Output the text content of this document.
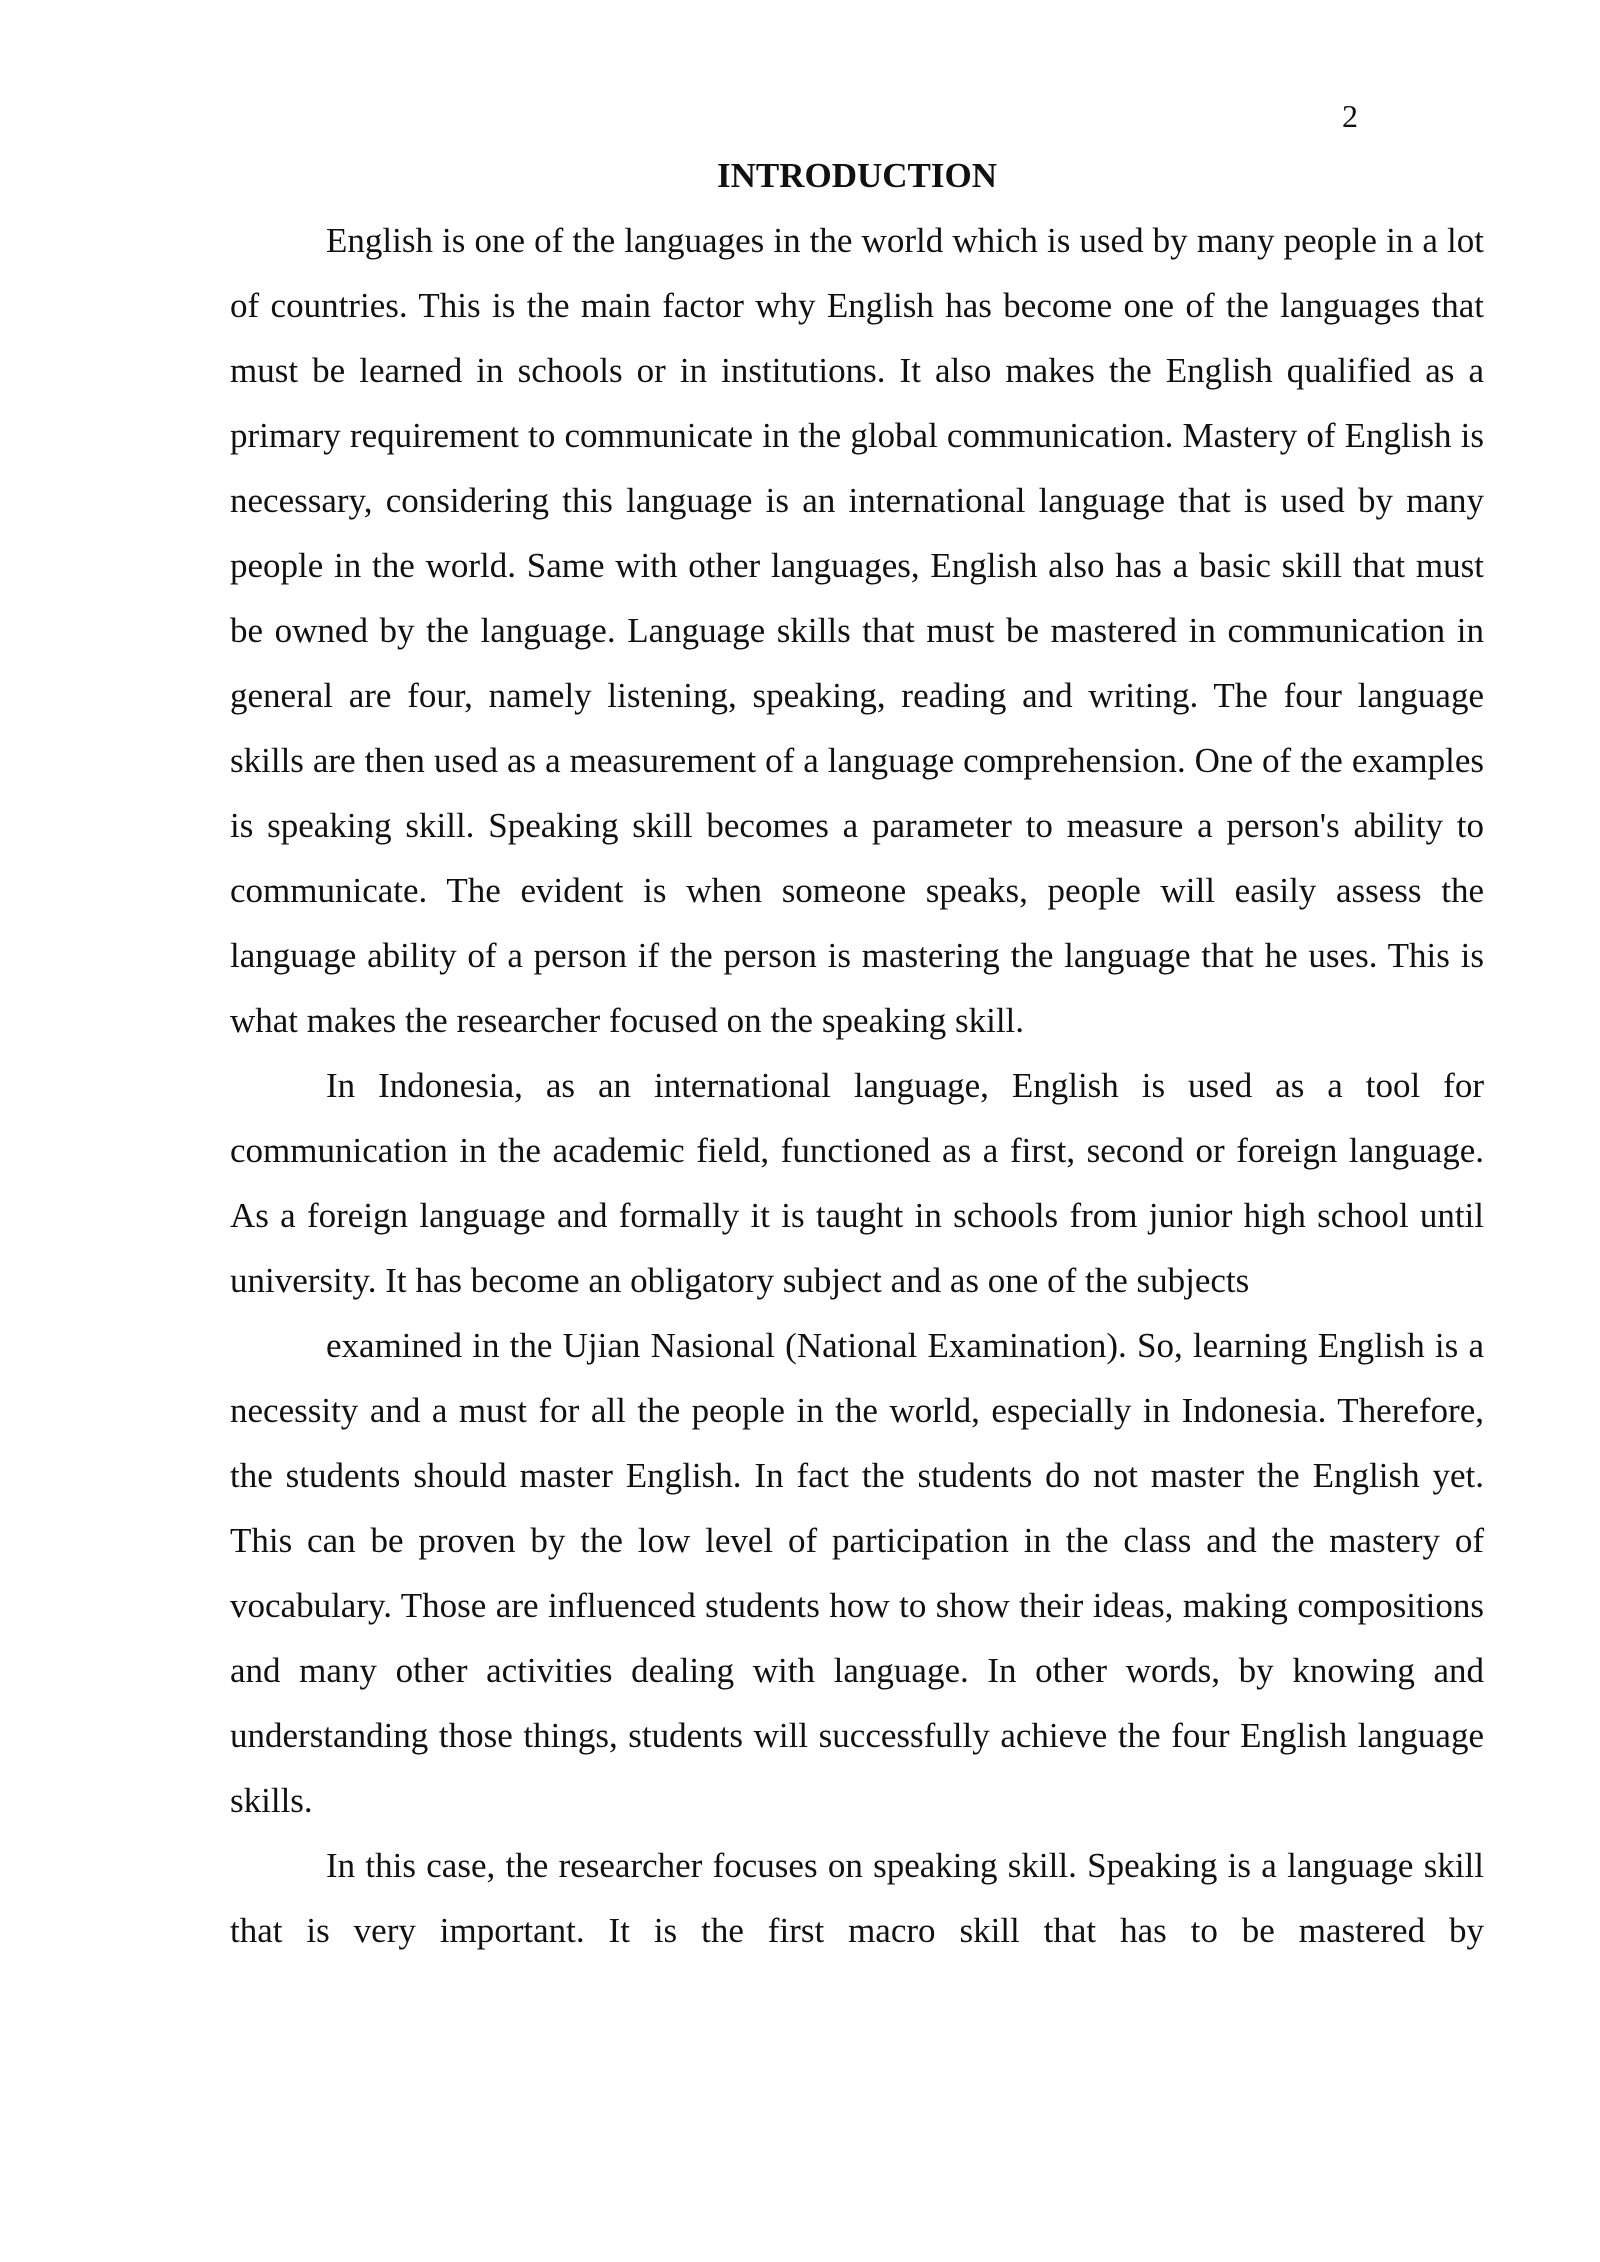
2
INTRODUCTION

English is one of the languages in the world which is used by many people in a lot of countries. This is the main factor why English has become one of the languages that must be learned in schools or in institutions. It also makes the English qualified as a primary requirement to communicate in the global communication. Mastery of English is necessary, considering this language is an international language that is used by many people in the world. Same with other languages, English also has a basic skill that must be owned by the language. Language skills that must be mastered in communication in general are four, namely listening, speaking, reading and writing. The four language skills are then used as a measurement of a language comprehension. One of the examples is speaking skill. Speaking skill becomes a parameter to measure a person's ability to communicate. The evident is when someone speaks, people will easily assess the language ability of a person if the person is mastering the language that he uses. This is what makes the researcher focused on the speaking skill.

In Indonesia, as an international language, English is used as a tool for communication in the academic field, functioned as a first, second or foreign language. As a foreign language and formally it is taught in schools from junior high school until university. It has become an obligatory subject and as one of the subjects

examined in the Ujian Nasional (National Examination). So, learning English is a necessity and a must for all the people in the world, especially in Indonesia. Therefore, the students should master English. In fact the students do not master the English yet. This can be proven by the low level of participation in the class and the mastery of vocabulary. Those are influenced students how to show their ideas, making compositions and many other activities dealing with language. In other words, by knowing and understanding those things, students will successfully achieve the four English language skills.

In this case, the researcher focuses on speaking skill. Speaking is a language skill that is very important. It is the first macro skill that has to be mastered by
